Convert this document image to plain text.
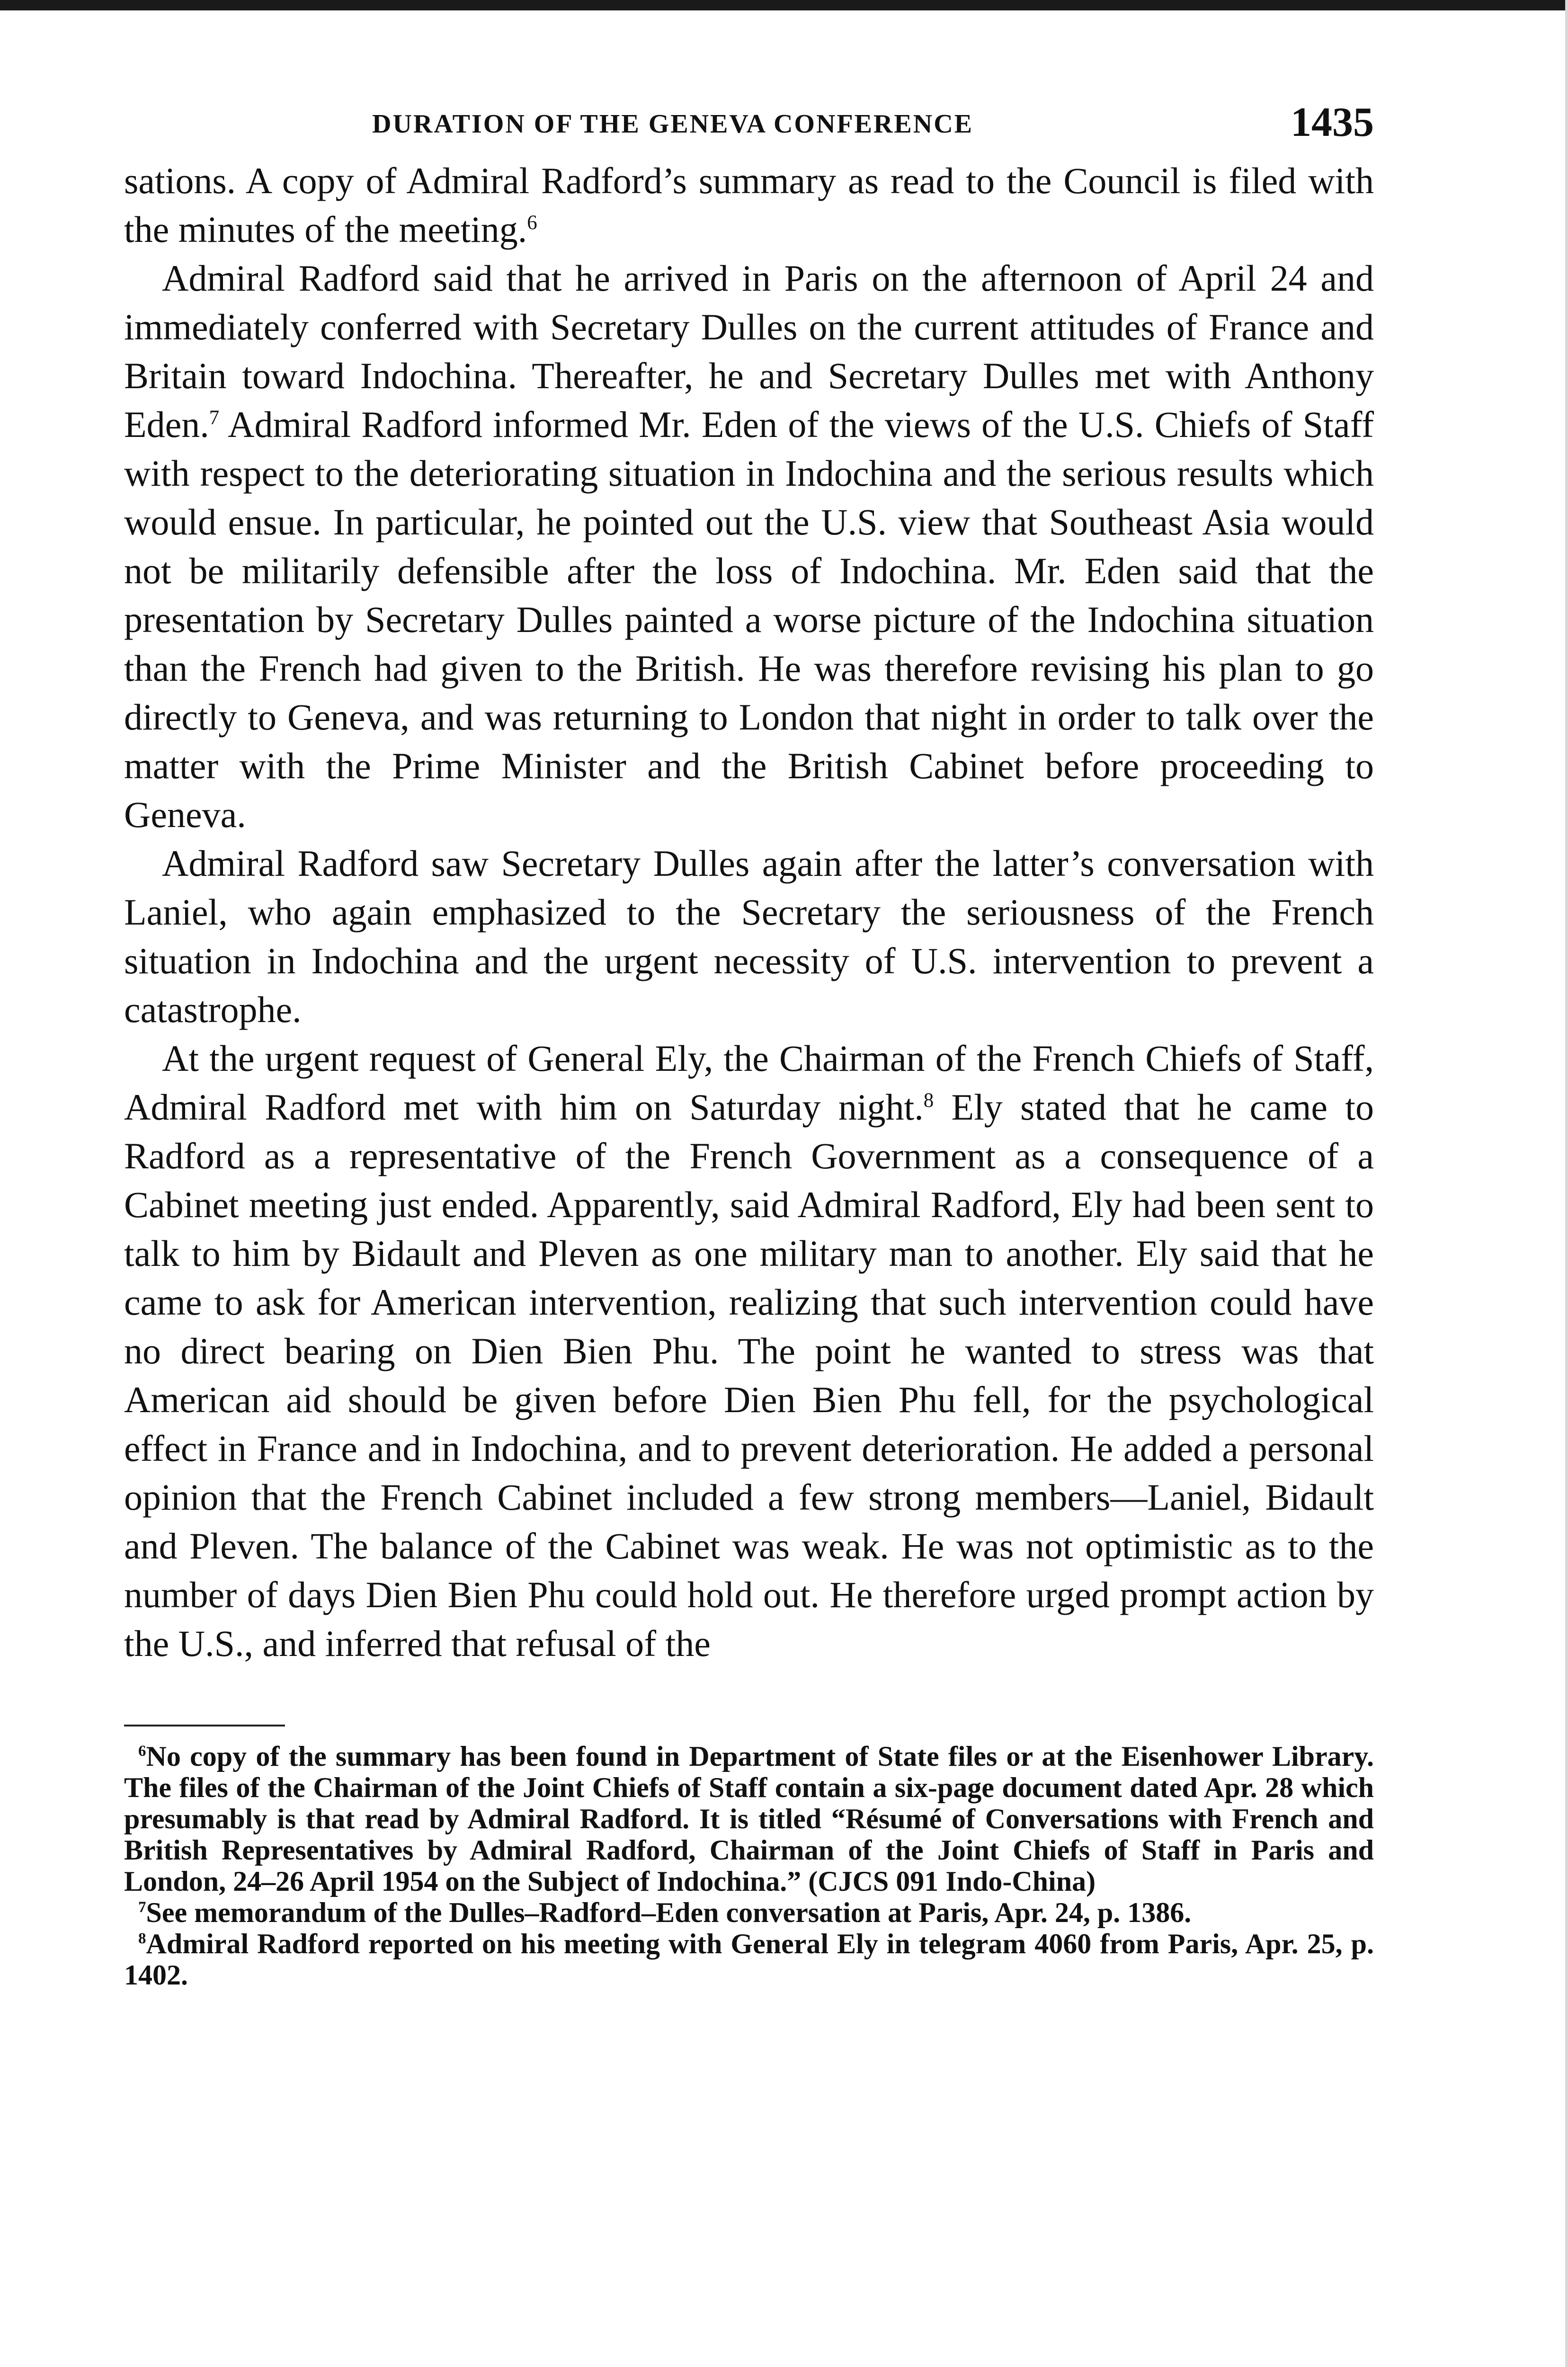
DURATION OF THE GENEVA CONFERENCE	1435

sations. A copy of Admiral Radford’s summary as read to the Council is filed with the minutes of the meeting.$^6$

Admiral Radford said that he arrived in Paris on the afternoon of April 24 and immediately conferred with Secretary Dulles on the current attitudes of France and Britain toward Indochina. Thereafter, he and Secretary Dulles met with Anthony Eden.$^7$ Admiral Radford informed Mr. Eden of the views of the U.S. Chiefs of Staff with respect to the deteriorating situation in Indochina and the serious results which would ensue. In particular, he pointed out the U.S. view that Southeast Asia would not be militarily defensible after the loss of Indochina. Mr. Eden said that the presentation by Secretary Dulles painted a worse picture of the Indochina situation than the French had given to the British. He was therefore revising his plan to go directly to Geneva, and was returning to London that night in order to talk over the matter with the Prime Minister and the British Cabinet before proceeding to Geneva.

Admiral Radford saw Secretary Dulles again after the latter’s conversation with Laniel, who again emphasized to the Secretary the seriousness of the French situation in Indochina and the urgent necessity of U.S. intervention to prevent a catastrophe.

At the urgent request of General Ely, the Chairman of the French Chiefs of Staff, Admiral Radford met with him on Saturday night.$^8$ Ely stated that he came to Radford as a representative of the French Government as a consequence of a Cabinet meeting just ended. Apparently, said Admiral Radford, Ely had been sent to talk to him by Bidault and Pleven as one military man to another. Ely said that he came to ask for American intervention, realizing that such intervention could have no direct bearing on Dien Bien Phu. The point he wanted to stress was that American aid should be given before Dien Bien Phu fell, for the psychological effect in France and in Indochina, and to prevent deterioration. He added a personal opinion that the French Cabinet included a few strong members—Laniel, Bidault and Pleven. The balance of the Cabinet was weak. He was not optimistic as to the number of days Dien Bien Phu could hold out. He therefore urged prompt action by the U.S., and inferred that refusal of the

$^6$No copy of the summary has been found in Department of State files or at the Eisenhower Library. The files of the Chairman of the Joint Chiefs of Staff contain a six-page document dated Apr. 28 which presumably is that read by Admiral Radford. It is titled “Résumé of Conversations with French and British Representatives by Admiral Radford, Chairman of the Joint Chiefs of Staff in Paris and London, 24–26 April 1954 on the Subject of Indochina.” (CJCS 091 Indo-China)

$^7$See memorandum of the Dulles–Radford–Eden conversation at Paris, Apr. 24, p. 1386.

$^8$Admiral Radford reported on his meeting with General Ely in telegram 4060 from Paris, Apr. 25, p. 1402.
